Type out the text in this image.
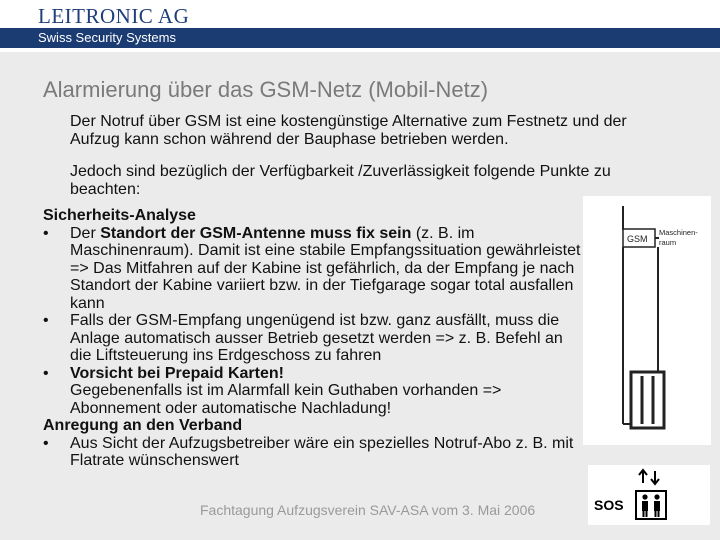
LEITRONIC AG
Swiss Security Systems
Alarmierung über das GSM-Netz (Mobil-Netz)
Der Notruf über GSM ist eine kostengünstige Alternative zum Festnetz und der Aufzug kann schon während der Bauphase betrieben werden.
Jedoch sind bezüglich der Verfügbarkeit /Zuverlässigkeit folgende Punkte zu beachten:
Sicherheits-Analyse
• Der Standort der GSM-Antenne muss fix sein (z. B. im Maschinenraum). Damit ist eine stabile Empfangssituation gewährleistet => Das Mitfahren auf der Kabine ist gefährlich, da der Empfang je nach Standort der Kabine variiert bzw. in der Tiefgarage sogar total ausfallen kann
• Falls der GSM-Empfang ungenügend ist bzw. ganz ausfällt, muss die Anlage automatisch ausser Betrieb gesetzt werden => z. B. Befehl an die Liftsteuerung ins Erdgeschoss zu fahren
• Vorsicht bei Prepaid Karten!
Gegebenenfalls ist im Alarmfall kein Guthaben vorhanden => Abonnement oder automatische Nachladung!
Anregung an den Verband
• Aus Sicht der Aufzugsbetreiber wäre ein spezielles Notruf-Abo z. B. mit Flatrate wünschenswert
Fachtagung Aufzugsverein SAV-ASA vom 3. Mai 2006
GSM
Maschinen-
raum
SOS
